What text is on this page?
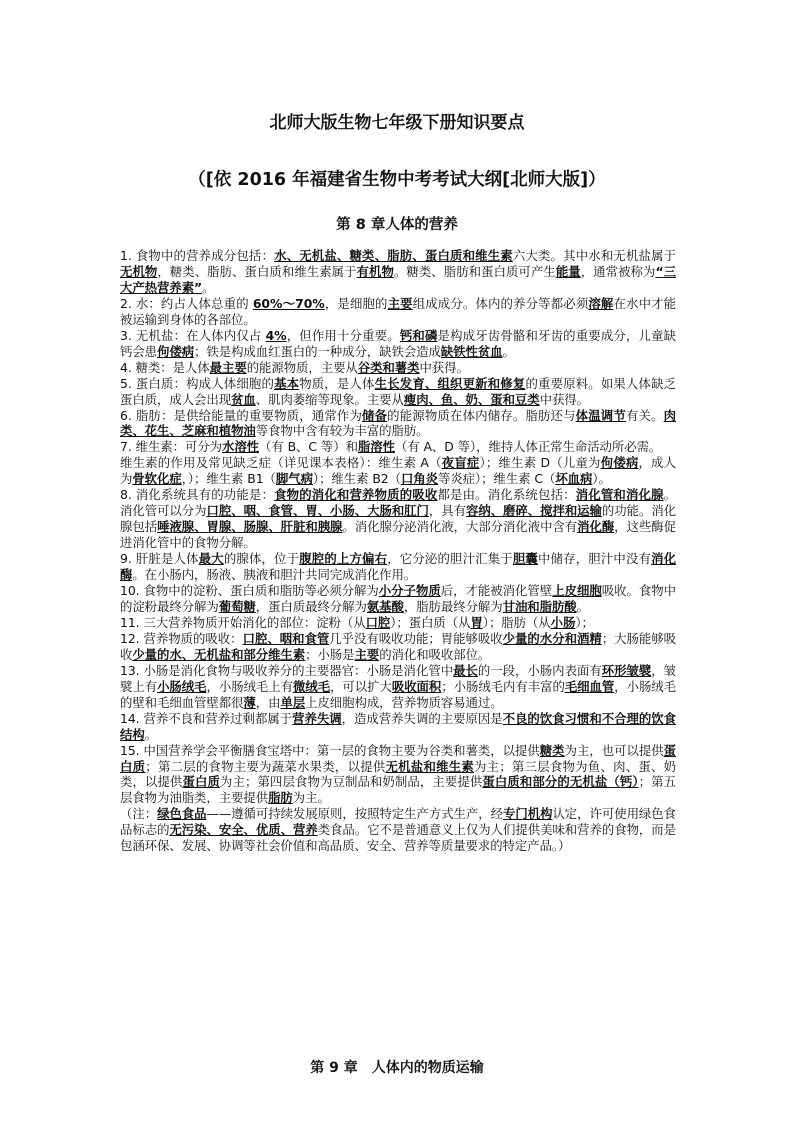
北师大版生物七年级下册知识要点
（[依 2016 年福建省生物中考考试大纲[北师大版]）
第 8 章人体的营养

1. 食物中的营养成分包括：水、无机盐、糖类、脂肪、蛋白质和维生素六大类。其中水和无机盐属于无机物，糖类、脂肪、蛋白质和维生素属于有机物。糖类、脂肪和蛋白质可产生能量，通常被称为“三大产热营养素”。

2. 水：约占人体总重的 60%～70%，是细胞的主要组成成分。体内的养分等都必须溶解在水中才能被运输到身体的各部位。

3. 无机盐：在人体内仅占 4%，但作用十分重要。钙和磷是构成牙齿骨骼和牙齿的重要成分，儿童缺钙会患佝偻病；铁是构成血红蛋白的一种成分，缺铁会造成缺铁性贫血。

4. 糖类：是人体最主要的能源物质，主要从谷类和薯类中获得。

5. 蛋白质：构成人体细胞的基本物质，是人体生长发育、组织更新和修复的重要原料。如果人体缺乏蛋白质，成人会出现贫血、肌肉萎缩等现象。主要从瘦肉、鱼、奶、蛋和豆类中获得。

6. 脂肪：是供给能量的重要物质，通常作为储备的能源物质在体内储存。脂肪还与体温调节有关。肉类、花生、芝麻和植物油等食物中含有较为丰富的脂肪。

7. 维生素：可分为水溶性（有 B、C 等）和脂溶性（有 A、D 等），维持人体正常生命活动所必需。

维生素的作用及常见缺乏症（详见课本表格）：维生素 A（夜盲症）；维生素 D（儿童为佝偻病，成人为骨软化症，）；维生素 B1（脚气病）；维生素 B2（口角炎等炎症）；维生素 C（坏血病）。

8. 消化系统具有的功能是：食物的消化和营养物质的吸收都是由。消化系统包括：消化管和消化腺。消化管可以分为口腔、咽、食管、胃、小肠、大肠和肛门，具有容纳、磨碎、搅拌和运输的功能。消化腺包括唾液腺、胃腺、肠腺、肝脏和胰腺。消化腺分泌消化液，大部分消化液中含有消化酶，这些酶促进消化管中的食物分解。

9. 肝脏是人体最大的腺体，位于腹腔的上方偏右，它分泌的胆汁汇集于胆囊中储存，胆汁中没有消化酶。在小肠内，肠液、胰液和胆汁共同完成消化作用。

10. 食物中的淀粉、蛋白质和脂肪等必须分解为小分子物质后，才能被消化管壁上皮细胞吸收。食物中的淀粉最终分解为葡萄糖，蛋白质最终分解为氨基酸，脂肪最终分解为甘油和脂肪酸。

11. 三大营养物质开始消化的部位：淀粉（从口腔）；蛋白质（从胃）；脂肪（从小肠）；

12. 营养物质的吸收：口腔、咽和食管几乎没有吸收功能；胃能够吸收少量的水分和酒精；大肠能够吸收少量的水、无机盐和部分维生素；小肠是主要的消化和吸收部位。

13. 小肠是消化食物与吸收养分的主要器官：小肠是消化管中最长的一段，小肠内表面有环形皱襞，皱襞上有小肠绒毛，小肠绒毛上有微绒毛，可以扩大吸收面积；小肠绒毛内有丰富的毛细血管，小肠绒毛的壁和毛细血管壁都很薄，由单层上皮细胞构成，营养物质容易通过。

14. 营养不良和营养过剩都属于营养失调，造成营养失调的主要原因是不良的饮食习惯和不合理的饮食结构。

15. 中国营养学会平衡膳食宝塔中：第一层的食物主要为谷类和薯类，以提供糖类为主，也可以提供蛋白质；第二层的食物主要为蔬菜水果类，以提供无机盐和维生素为主；第三层食物为鱼、肉、蛋、奶类，以提供蛋白质为主；第四层食物为豆制品和奶制品，主要提供蛋白质和部分的无机盐（钙）；第五层食物为油脂类，主要提供脂肪为主。

（注：绿色食品——遵循可持续发展原则，按照特定生产方式生产，经专门机构认定，许可使用绿色食品标志的无污染、安全、优质、营养类食品。它不是普通意义上仅为人们提供美味和营养的食物，而是包涵环保、发展、协调等社会价值和高品质、安全、营养等质量要求的特定产品。）

第 9 章　人体内的物质运输
